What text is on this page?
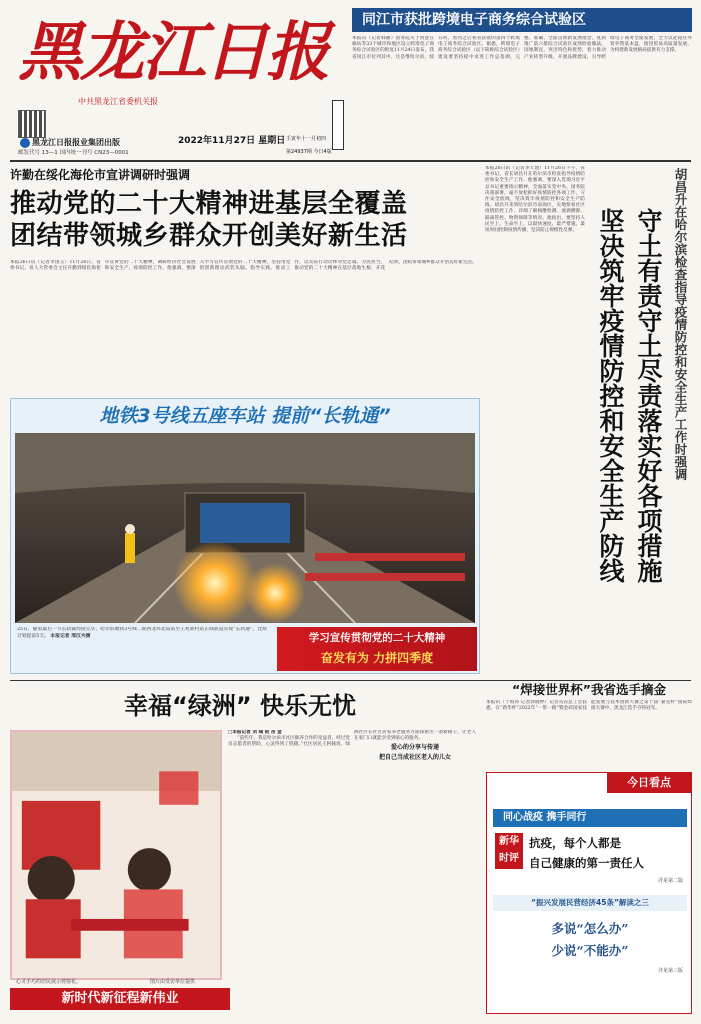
黑龙江日报
中共黑龙江省委机关报
黑龙江日报报业集团出版
邮发代号 13—1 国内统一刊号 CN23—0001
2022年11月27日 星期日 壬寅年十一月初四
第24937期 今日4版
同江市获批跨境电子商务综合试验区
本报讯（记者韩丽）国务院关于同意在廊坊等33个城市和地区设立跨境电子商务综合试验区的批复11月24日发布，我省同江市位列其中。这是继哈尔滨、绥芬河、黑河之后我省获批的第四个跨境电子商务综合试验区。据悉，跨境电子商务综合试验区（以下简称综合试验区）建设要坚持稳中求进工作总基调，完整、准确、全面贯彻新发展理念，复制推广前六批综合试验区成熟经验做法，因地制宜，突出特色和优势，着力推动产业转型升级，开展品牌建设，引导跨境电子商务全面发展，全力以赴稳住外贸外资基本盘，推进贸易高质量发展，为构建新发展格局提供有力支撑。
许勤在绥化海伦市宣讲调研时强调
推动党的二十大精神进基层全覆盖
团结带领城乡群众开创美好新生活
本报26日讯（记者李国玉）11月26日，省委书记、省人大常委会主任许勤到绥化海伦市宣讲党的二十大精神，调研经济社会发展和安全生产、疫情防控工作。他强调，要深入学习宣传贯彻党的二十大精神，坚持用党的创新理论武装头脑、指导实践、推动工作，以实际行动诠释对党忠诚、为民担当，推动党的二十大精神在基层落地生根、开花结果，团结带领城乡群众开创美好新生活。
本报26日讯（记者李天池）11月26日下午，省委书记、省长胡昌升在哈尔滨市检查指导疫情防控和安全生产工作。他强调，要深入贯彻习近平总书记重要指示精神，全面落实党中央、国务院决策部署，毫不放松抓好疫情防控各项工作，守住安全底线，坚决筑牢疫情防控和安全生产防线。胡昌升来到哈尔滨市南岗区，实地察看社区疫情防控工作，详细了解核酸检测、流调溯源、隔离管控、物资保障等情况。他指出，要坚持人民至上、生命至上，以最快速度、最严措施、最短时间控制疫情传播，坚决防止规模性反弹。	守土有责守土尽责落实好各项措施
坚决筑牢疫情防控和安全生产防线	胡昌升在哈尔滨检查指导疫情防控和安全生产工作时强调
地铁3号线五座车站 提前“长轨通”
25日，随着最后一节长轨铺焊接完毕，哈尔滨地铁3号线二期西北环北局站至王兆新村站正线轨道实现“长轨通”，比原计划提前5天。 本报记者 邢汉夫摄	学习宣传贯彻党的二十大精神
奋发有为 力拼四季度
幸福“绿洲” 快乐无忧
心灵手巧的居民展示剪窗花。	图片由受访单位提供
□本报记者 刘 瑞 赵 岳 金

“前些年，我是哈尔滨市社区颐养合作的受益者，经过党员志愿者的帮助，心灵得到了慰藉。”社区居民王阿姨说，绿洲社区在社区居家养老服务方面探索出一条新路子，让老人在家门口就能享受到贴心的服务。

爱心的分享与传递
把自己当成社区老人的儿女
新时代新征程新伟业
“焊接世界杯”我省选手摘金
本报讯（于海涛 记者郭晓婷）记者从省总工会获悉，在“新华杯”2022年“一带一路”暨金砖国家技能发展与技术创新大赛之第十届“嘉克杯”国际焊接大赛中，黑龙江选手夺得冠军。
今日看点
同心战疫 携手同行
新华时评
抗疫，每个人都是
自己健康的第一责任人
详见第二版
“振兴发展民营经济45条”解读之三
多说“怎么办”
少说“不能办”
详见第三版
